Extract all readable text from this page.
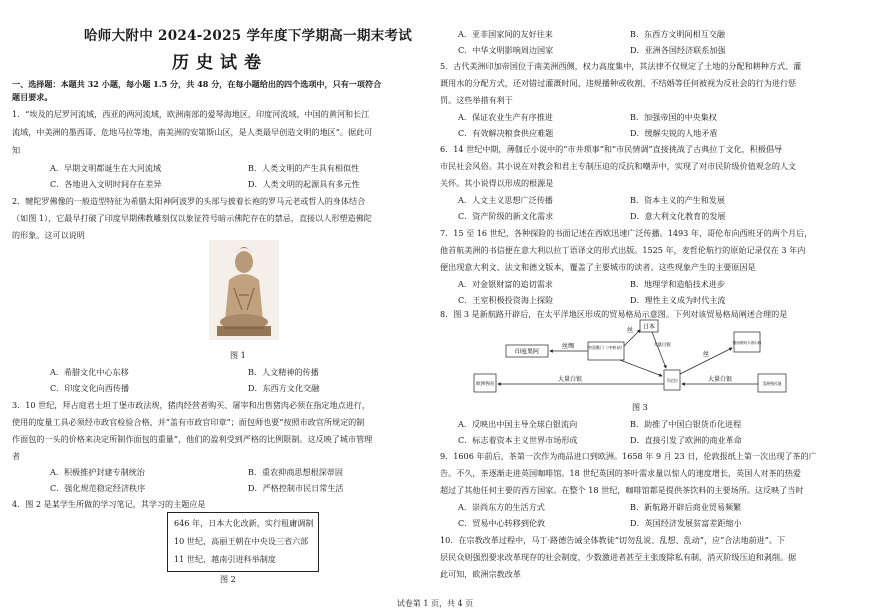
哈师大附中 2024-2025 学年度下学期高一期末考试
历史试卷
一、选择题：本题共 32 小题，每小题 1.5 分，共 48 分，在每小题给出的四个选项中，只有一项符合
题目要求。
1．“埃及的尼罗河流域，西亚的两河流域，欧洲南部的爱琴海地区，印度河流域，中国的黄河和长江
流域，中美洲的墨西哥、危地马拉等地，南美洲的安第斯山区，是人类最早创造文明的地区”。据此可
知
A．早期文明都诞生在大河流域	B．人类文明的产生具有相似性
C．各地进入文明时间存在差异	D．人类文明的起源具有多元性
2．犍陀罗佛像的一般造型特征为希腊太阳神阿波罗的头部与披着长袍的罗马元老或哲人的身体结合
（如图 1），它最早打破了印度早期佛教雕刻仅以象征符号暗示佛陀存在的禁忌，直接以人形塑造佛陀
的形象。这可以说明
图 1
A．希腊文化中心东移	B．人文精神的传播
C．印度文化向西传播	D．东西方文化交融
3．10 世纪，拜占庭君士坦丁堡市政法规，猪肉经营者购买、屠宰和出售猪肉必须在指定地点进行，
使用的度量工具必须经市政官检验合格，并“盖有市政官印章”；面包师也要“按照市政官所规定的制
作面包的一头的价格来决定所制作面包的重量”，他们的盈利受到严格的比例限制。这反映了城市管理
者
A．积极推护封建专制统治	B．重农抑商思想根深蒂固
C．强化规范稳定经济秩序	D．严格控制市民日常生活
4．图 2 是某学生所做的学习笔记，其学习的主题应是
646 年，日本大化改新，实行租庸调制
10 世纪，高丽王朝在中央设三省六部
11 世纪，越南引进科举制度
图 2
A．亚非国家间的友好往来	B．东西方文明间相互交融
C．中华文明影响周边国家	D．亚洲各国经济联系加强
5．古代美洲印加帝国位于南美洲西侧，权力高度集中，其法律不仅规定了土地的分配和耕种方式、灌
溉用水的分配方式，还对错过灌溉时间、违规播种或收割、不结婚等任何被视为反社会的行为进行惩
罚。这些举措有利于
A．保证农业生产有序推进	B．加强帝国的中央集权
C．有效解决粮食供应难题	D．缓解尖锐的人地矛盾
6．14 世纪中期，薄伽丘小说中的“市井琐事”和“市民情调”直接挑战了古典拉丁文化，积极倡导
市民社会风俗。其小说在对教会和君主专制压迫的反抗和嘲弄中，实现了对市民阶级价值观念的人文
关怀。其小说得以形成的根源是
A．人文主义思想广泛传播	B．资本主义的产生和发展
C．资产阶级的新文化需求	D．意大利文化教育的发展
7．15 至 16 世纪，各种探险的书面记述在西欧迅速广泛传播。1493 年，哥伦布向西班牙的两个月后，
他首航美洲的书信便在意大利以拉丁语译文的形式出版。1525 年，麦哲伦航行的原始记录仅在 3 年内
便出现意大利文、法文和德文版本，覆盖了主要城市的读者。这些现象产生的主要原因是
A．对金银财富的追切需求	B．地理学和造船技术进步
C．王室积极投资海上探险	D．理性主义成为时代主流
8．图 3 是新航路开辟后，在太平洋地区形成的贸易格局示意图。下列对该贸易格局阐述合理的是
印度果阿
中国澳门（中转站）
日本
马尼拉
墨西哥阿卡普尔科
欧洲各国	美洲殖民地
丝绸
丝
丝
大量白银
大量白银
大量白银
图 3
A．反映出中国主导全球白银流向	B．助推了中国白银货币化进程
C．标志着资本主义世界市场形成	D．直接引发了欧洲的商业革命
9．1606 年前后，茶第一次作为商品进口到欧洲。1658 年 9 月 23 日，伦敦报纸上第一次出现了茶的广
告。不久，茶逐渐走进英国咖啡馆。18 世纪英国的茶叶需求量以惊人的速度增长，英国人对茶的热爱
超过了其他任何主要的西方国家。在整个 18 世纪，咖啡馆都是提供茶饮料的主要场所。这反映了当时
A．崇尚东方的生活方式	B．新航路开辟后商业贸易频繁
C．贸易中心转移到伦敦	D．英国经济发展贫富差距缩小
10．在宗教改革过程中，马丁·路德告诫全体教徒“切勿乱说、乱想、乱动”，应“合法地前进”。下
层民众则强烈要求改革现存的社会制度，少数激进者甚至主张废除私有制，消灭阶级压迫和剥削。据
此可知，欧洲宗教改革
试卷第 1 页，共 4 页
